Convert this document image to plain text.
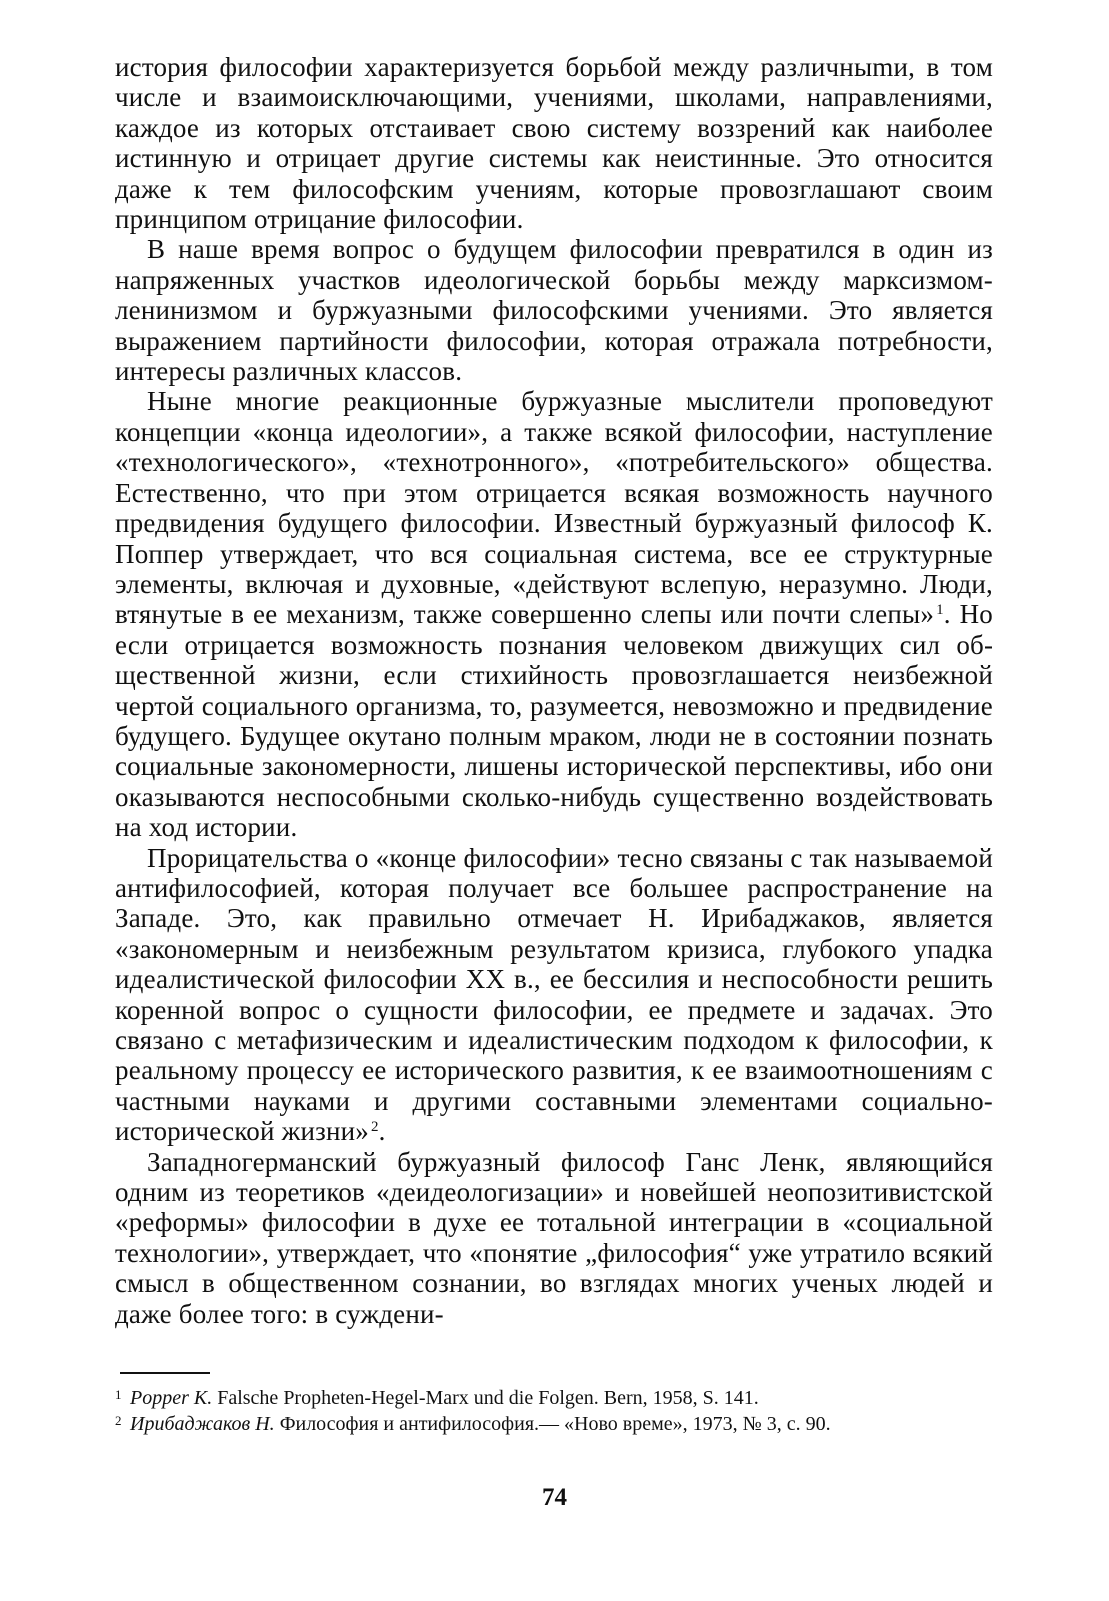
история философии характеризуется борьбой между различныmи, в том числе и взаимоисключающими, учениями, школами, направлениями, каждое из которых отстаивает свою систему воззрений как наиболее истинную и отрицает другие системы как неистинные. Это относится даже к тем философским учениям, которые провозглашают своим принципом отрицание философии.

В наше время вопрос о будущем философии превратился в один из напряженных участков идеологической борьбы между марксизмом-ленинизмом и буржуазными философскими учениями. Это является выражением партийности философии, которая отражала потребности, интересы различных классов.

Ныне многие реакционные буржуазные мыслители проповедуют концепции «конца идеологии», а также всякой философии, наступление «технологического», «технотронного», «потребительского» общества. Естественно, что при этом отрицается всякая возможность научного предвидения будущего философии. Известный буржуазный философ К. Поппер утверждает, что вся социальная система, все ее структурные элементы, включая и духовные, «действуют вслепую, неразумно. Люди, втянутые в ее механизм, также совершенно слепы или почти слепы» $^1$. Но если отрицается возможность познания человеком движущих сил общественной жизни, если стихийность провозглашается неизбежной чертой социального организма, то, разумеется, невозможно и предвидение будущего. Будущее окутано полным мраком, люди не в состоянии познать социальные закономерности, лишены исторической перспективы, ибо они оказываются неспособными сколько-нибудь существенно воздействовать на ход истории.

Прорицательства о «конце философии» тесно связаны с так называемой антифилософией, которая получает все большее распространение на Западе. Это, как правильно отмечает Н. Ирибаджаков, является «закономерным и неизбежным результатом кризиса, глубокого упадка идеалистической философии XX в., ее бессилия и неспособности решить коренной вопрос о сущности философии, ее предмете и задачах. Это связано с метафизическим и идеалистическим подходом к философии, к реальному процессу ее исторического развития, к ее взаимоотношениям с частными науками и другими составными элементами социально-исторической жизни» $^2$.

Западногерманский буржуазный философ Ганс Ленк, являющийся одним из теоретиков «деидеологизации» и новейшей неопозитивистской «реформы» философии в духе ее тотальной интеграции в «социальной технологии», утверждает, что «понятие „философия“ уже утратило всякий смысл в общественном сознании, во взглядах многих ученых людей и даже более того: в суждени-

1 Popper K. Falsche Propheten-Hegel-Marx und die Folgen. Bern, 1958, S. 141.
2 Ирибаджаков Н. Философия и антифилософия.— «Ново време», 1973, № 3, с. 90.
74
